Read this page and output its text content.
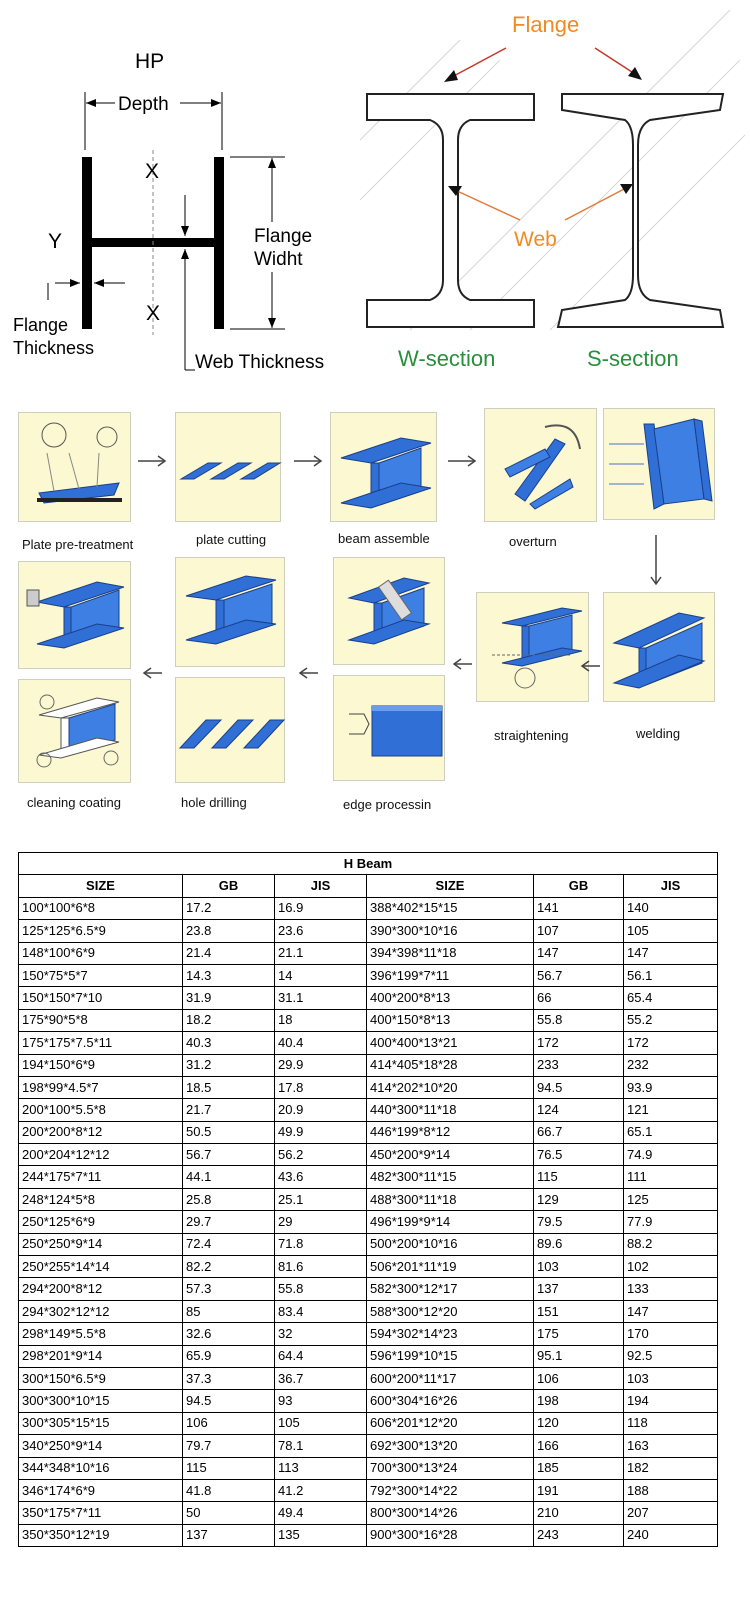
HP
Depth
X
X
Y	Flange
Widht
Flange
Thickness
Web Thickness
Flange
Web
W-section	S-section
Plate pre-treatment	plate cutting	beam assemble	overturn
straightening	welding
edge processin
hole drilling
cleaning coating
H Beam					
SIZE	GB	JIS	SIZE	GB	JIS
100*100*6*8	17.2	16.9	388*402*15*15	141	140
125*125*6.5*9	23.8	23.6	390*300*10*16	107	105
148*100*6*9	21.4	21.1	394*398*11*18	147	147
150*75*5*7	14.3	14	396*199*7*11	56.7	56.1
150*150*7*10	31.9	31.1	400*200*8*13	66	65.4
175*90*5*8	18.2	18	400*150*8*13	55.8	55.2
175*175*7.5*11	40.3	40.4	400*400*13*21	172	172
194*150*6*9	31.2	29.9	414*405*18*28	233	232
198*99*4.5*7	18.5	17.8	414*202*10*20	94.5	93.9
200*100*5.5*8	21.7	20.9	440*300*11*18	124	121
200*200*8*12	50.5	49.9	446*199*8*12	66.7	65.1
200*204*12*12	56.7	56.2	450*200*9*14	76.5	74.9
244*175*7*11	44.1	43.6	482*300*11*15	115	111
248*124*5*8	25.8	25.1	488*300*11*18	129	125
250*125*6*9	29.7	29	496*199*9*14	79.5	77.9
250*250*9*14	72.4	71.8	500*200*10*16	89.6	88.2
250*255*14*14	82.2	81.6	506*201*11*19	103	102
294*200*8*12	57.3	55.8	582*300*12*17	137	133
294*302*12*12	85	83.4	588*300*12*20	151	147
298*149*5.5*8	32.6	32	594*302*14*23	175	170
298*201*9*14	65.9	64.4	596*199*10*15	95.1	92.5
300*150*6.5*9	37.3	36.7	600*200*11*17	106	103
300*300*10*15	94.5	93	600*304*16*26	198	194
300*305*15*15	106	105	606*201*12*20	120	118
340*250*9*14	79.7	78.1	692*300*13*20	166	163
344*348*10*16	115	113	700*300*13*24	185	182
346*174*6*9	41.8	41.2	792*300*14*22	191	188
350*175*7*11	50	49.4	800*300*14*26	210	207
350*350*12*19	137	135	900*300*16*28	243	240
